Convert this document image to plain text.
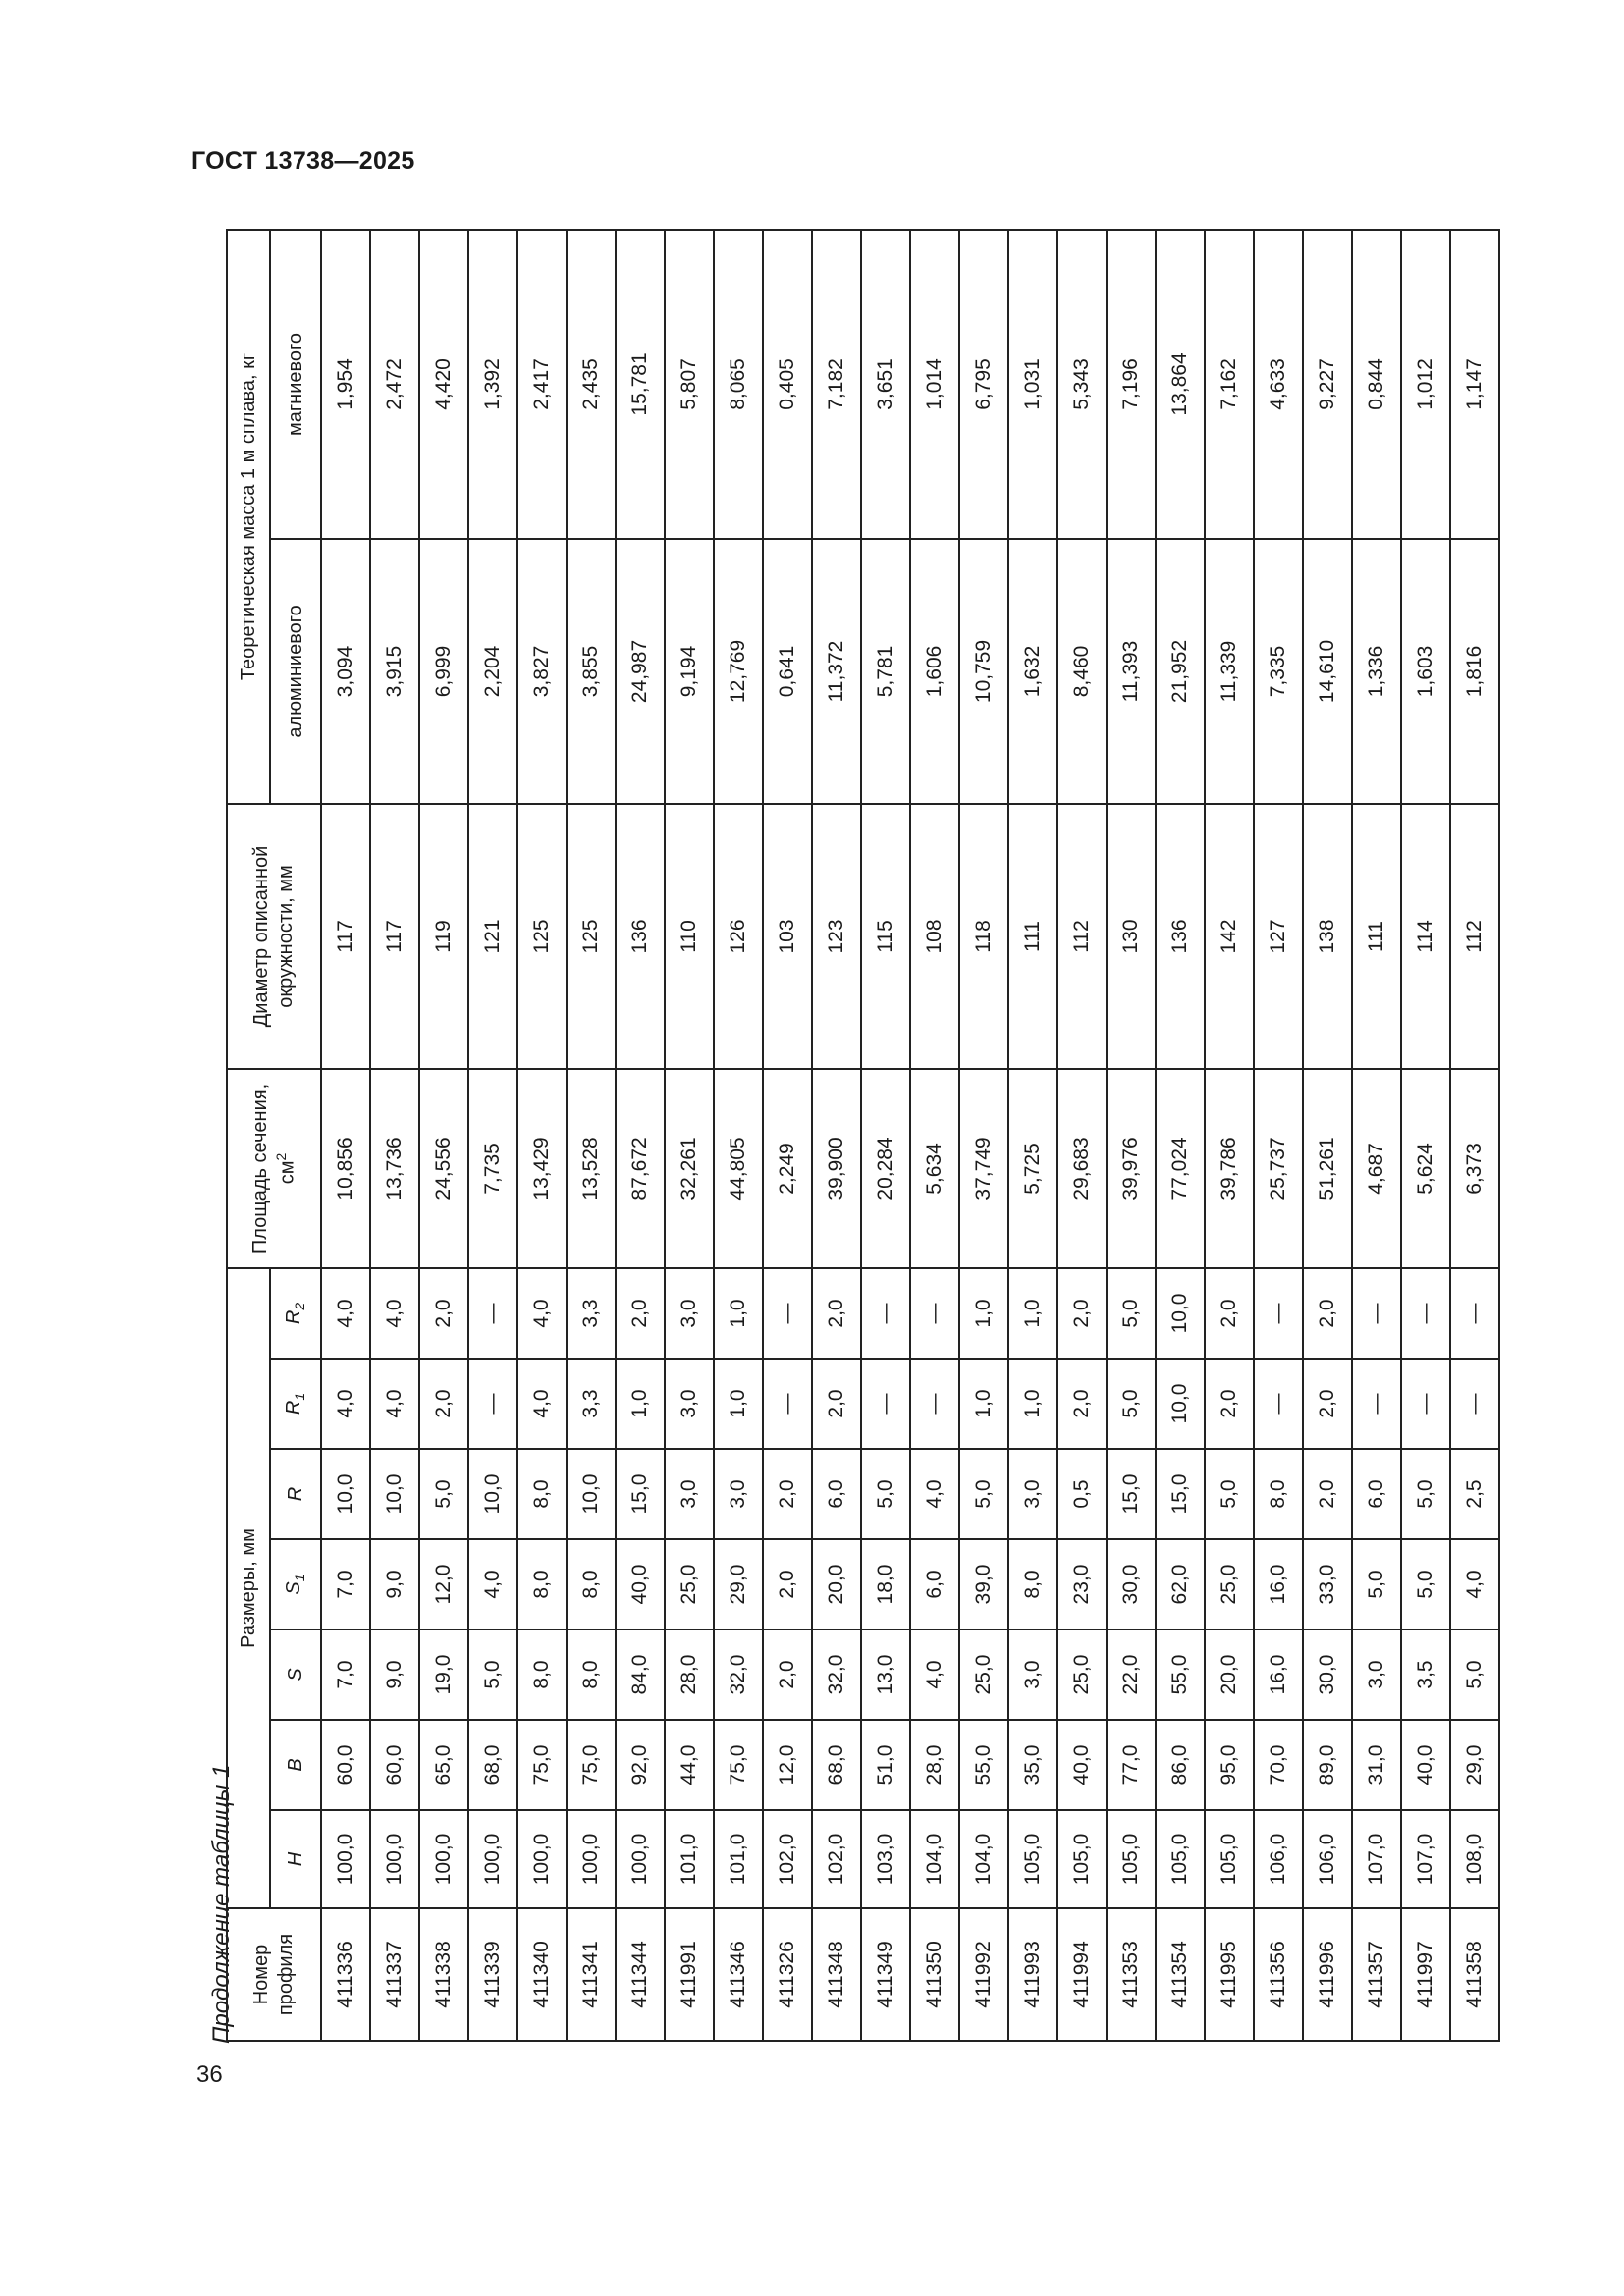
ГОСТ 13738—2025
Продолжение таблицы 1
36
Номер профиля	Размеры, мм							Площадь сечения, $см^2$	Диаметр описанной окружности, мм	Теоретическая масса 1 м сплава, кг	
	H	B	S	$S_1$	R	$R_1$	$R_2$			алюминиевого	магниевого
411336	100,0	60,0	7,0	7,0	10,0	4,0	4,0	10,856	117	3,094	1,954
411337	100,0	60,0	9,0	9,0	10,0	4,0	4,0	13,736	117	3,915	2,472
411338	100,0	65,0	19,0	12,0	5,0	2,0	2,0	24,556	119	6,999	4,420
411339	100,0	68,0	5,0	4,0	10,0	—	—	7,735	121	2,204	1,392
411340	100,0	75,0	8,0	8,0	8,0	4,0	4,0	13,429	125	3,827	2,417
411341	100,0	75,0	8,0	8,0	10,0	3,3	3,3	13,528	125	3,855	2,435
411344	100,0	92,0	84,0	40,0	15,0	1,0	2,0	87,672	136	24,987	15,781
411991	101,0	44,0	28,0	25,0	3,0	3,0	3,0	32,261	110	9,194	5,807
411346	101,0	75,0	32,0	29,0	3,0	1,0	1,0	44,805	126	12,769	8,065
411326	102,0	12,0	2,0	2,0	2,0	—	—	2,249	103	0,641	0,405
411348	102,0	68,0	32,0	20,0	6,0	2,0	2,0	39,900	123	11,372	7,182
411349	103,0	51,0	13,0	18,0	5,0	—	—	20,284	115	5,781	3,651
411350	104,0	28,0	4,0	6,0	4,0	—	—	5,634	108	1,606	1,014
411992	104,0	55,0	25,0	39,0	5,0	1,0	1,0	37,749	118	10,759	6,795
411993	105,0	35,0	3,0	8,0	3,0	1,0	1,0	5,725	111	1,632	1,031
411994	105,0	40,0	25,0	23,0	0,5	2,0	2,0	29,683	112	8,460	5,343
411353	105,0	77,0	22,0	30,0	15,0	5,0	5,0	39,976	130	11,393	7,196
411354	105,0	86,0	55,0	62,0	15,0	10,0	10,0	77,024	136	21,952	13,864
411995	105,0	95,0	20,0	25,0	5,0	2,0	2,0	39,786	142	11,339	7,162
411356	106,0	70,0	16,0	16,0	8,0	—	—	25,737	127	7,335	4,633
411996	106,0	89,0	30,0	33,0	2,0	2,0	2,0	51,261	138	14,610	9,227
411357	107,0	31,0	3,0	5,0	6,0	—	—	4,687	111	1,336	0,844
411997	107,0	40,0	3,5	5,0	5,0	—	—	5,624	114	1,603	1,012
411358	108,0	29,0	5,0	4,0	2,5	—	—	6,373	112	1,816	1,147
